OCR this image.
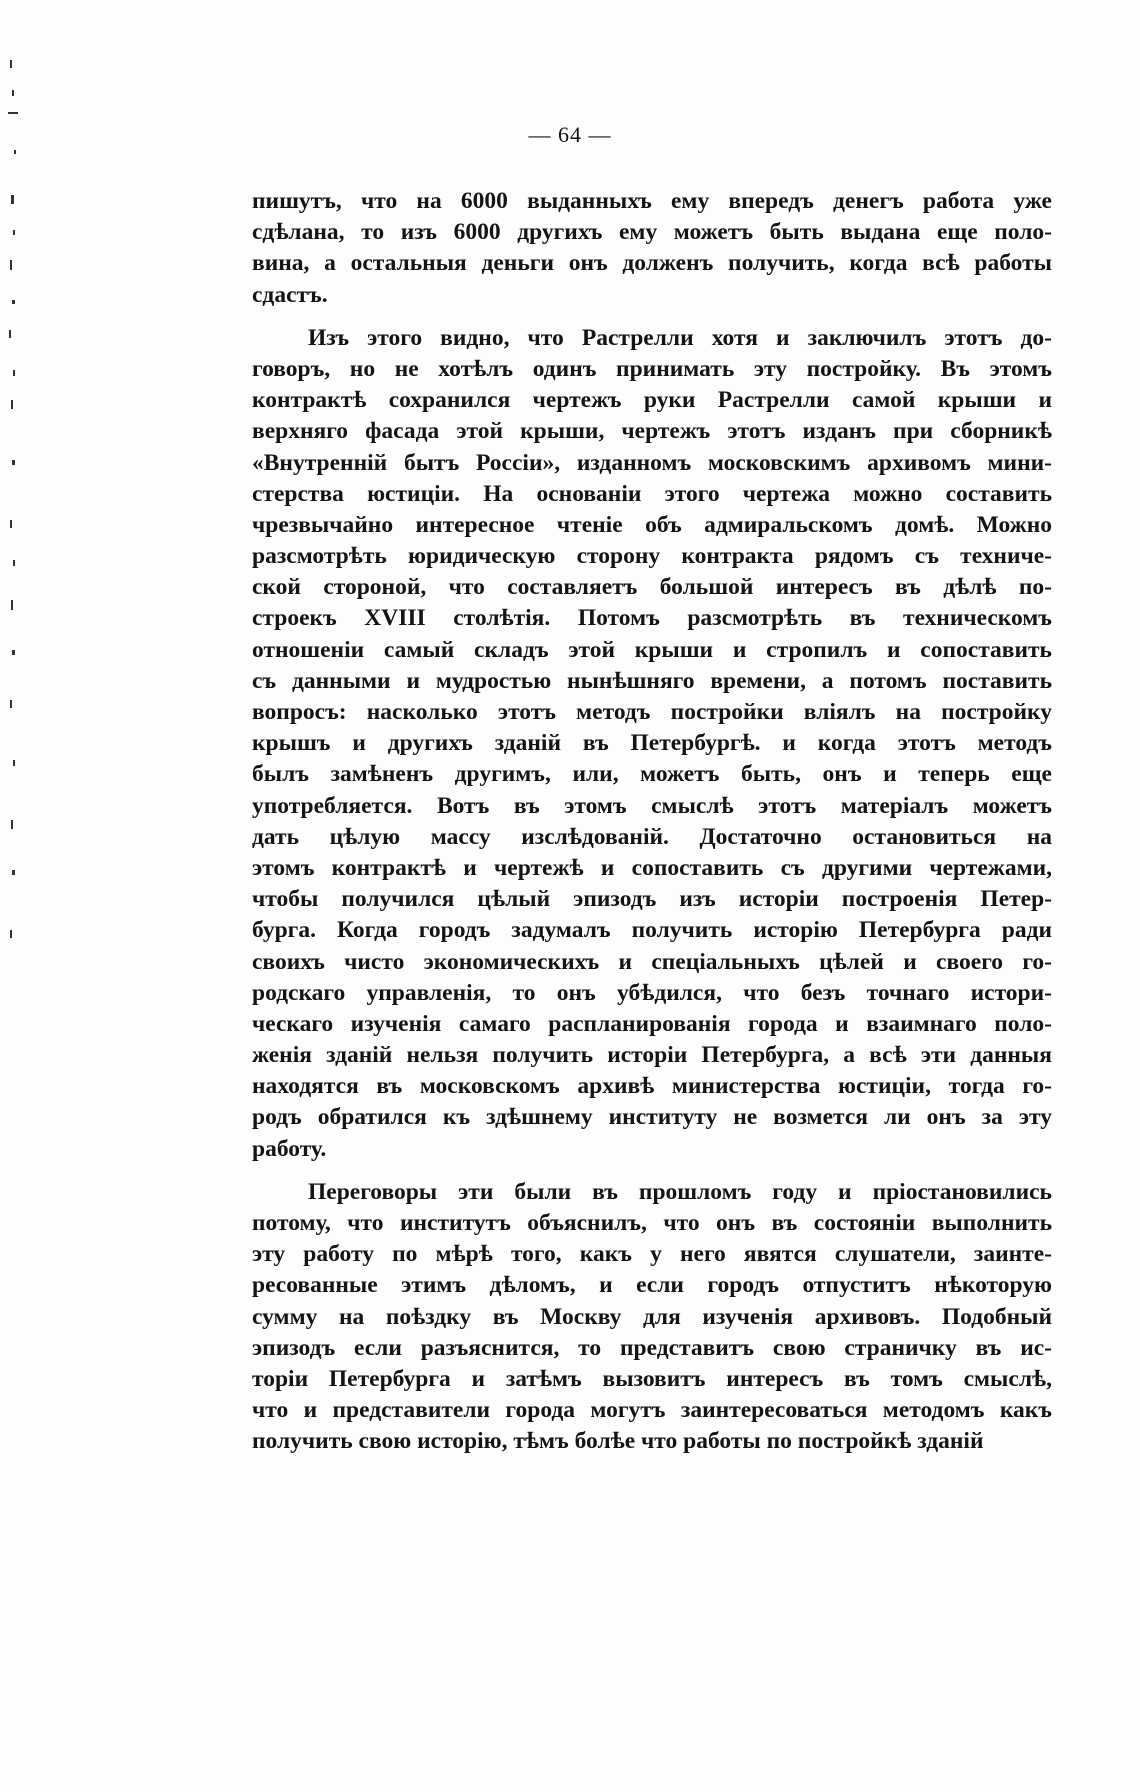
— 64 —
пишутъ, что на 6000 выданныхъ ему впередъ денегъ работа уже
сдѣлана, то изъ 6000 другихъ ему можетъ быть выдана еще поло-
вина, а остальныя деньги онъ долженъ получить, когда всѣ работы
сдастъ.
Изъ этого видно, что Растрелли хотя и заключилъ этотъ до-
говоръ, но не хотѣлъ одинъ принимать эту постройку. Въ этомъ
контрактѣ сохранился чертежъ руки Растрелли самой крыши и
верхняго фасада этой крыши, чертежъ этотъ изданъ при сборникѣ
«Внутренній бытъ Россіи», изданномъ московскимъ архивомъ мини-
стерства юстиціи. На основаніи этого чертежа можно составить
чрезвычайно интересное чтеніе объ адмиральскомъ домѣ. Можно
разсмотрѣть юридическую сторону контракта рядомъ съ техниче-
ской стороной, что составляетъ большой интересъ въ дѣлѣ по-
строекъ XVIII столѣтія. Потомъ разсмотрѣть въ техническомъ
отношеніи самый складъ этой крыши и стропилъ и сопоставить
съ данными и мудростью нынѣшняго времени, а потомъ поставить
вопросъ: насколько этотъ методъ постройки вліялъ на постройку
крышъ и другихъ зданій въ Петербургѣ. и когда этотъ методъ
былъ замѣненъ другимъ, или, можетъ быть, онъ и теперь еще
употребляется. Вотъ въ этомъ смыслѣ этотъ матеріалъ можетъ
дать цѣлую массу изслѣдованій. Достаточно остановиться на
этомъ контрактѣ и чертежѣ и сопоставить съ другими чертежами,
чтобы получился цѣлый эпизодъ изъ исторіи построенія Петер-
бурга. Когда городъ задумалъ получить исторію Петербурга ради
своихъ чисто экономическихъ и спеціальныхъ цѣлей и своего го-
родскаго управленія, то онъ убѣдился, что безъ точнаго истори-
ческаго изученія самаго распланированія города и взаимнаго поло-
женія зданій нельзя получить исторіи Петербурга, а всѣ эти данныя
находятся въ московскомъ архивѣ министерства юстиціи, тогда го-
родъ обратился къ здѣшнему институту не возмется ли онъ за эту
работу.
Переговоры эти были въ прошломъ году и пріостановились
потому, что институтъ объяснилъ, что онъ въ состояніи выполнить
эту работу по мѣрѣ того, какъ у него явятся слушатели, заинте-
ресованные этимъ дѣломъ, и если городъ отпуститъ нѣкоторую
сумму на поѣздку въ Москву для изученія архивовъ. Подобный
эпизодъ если разъяснится, то представитъ свою страничку въ ис-
торіи Петербурга и затѣмъ вызовитъ интересъ въ томъ смыслѣ,
что и представители города могутъ заинтересоваться методомъ какъ
получить свою исторію, тѣмъ болѣе что работы по постройкѣ зданій
